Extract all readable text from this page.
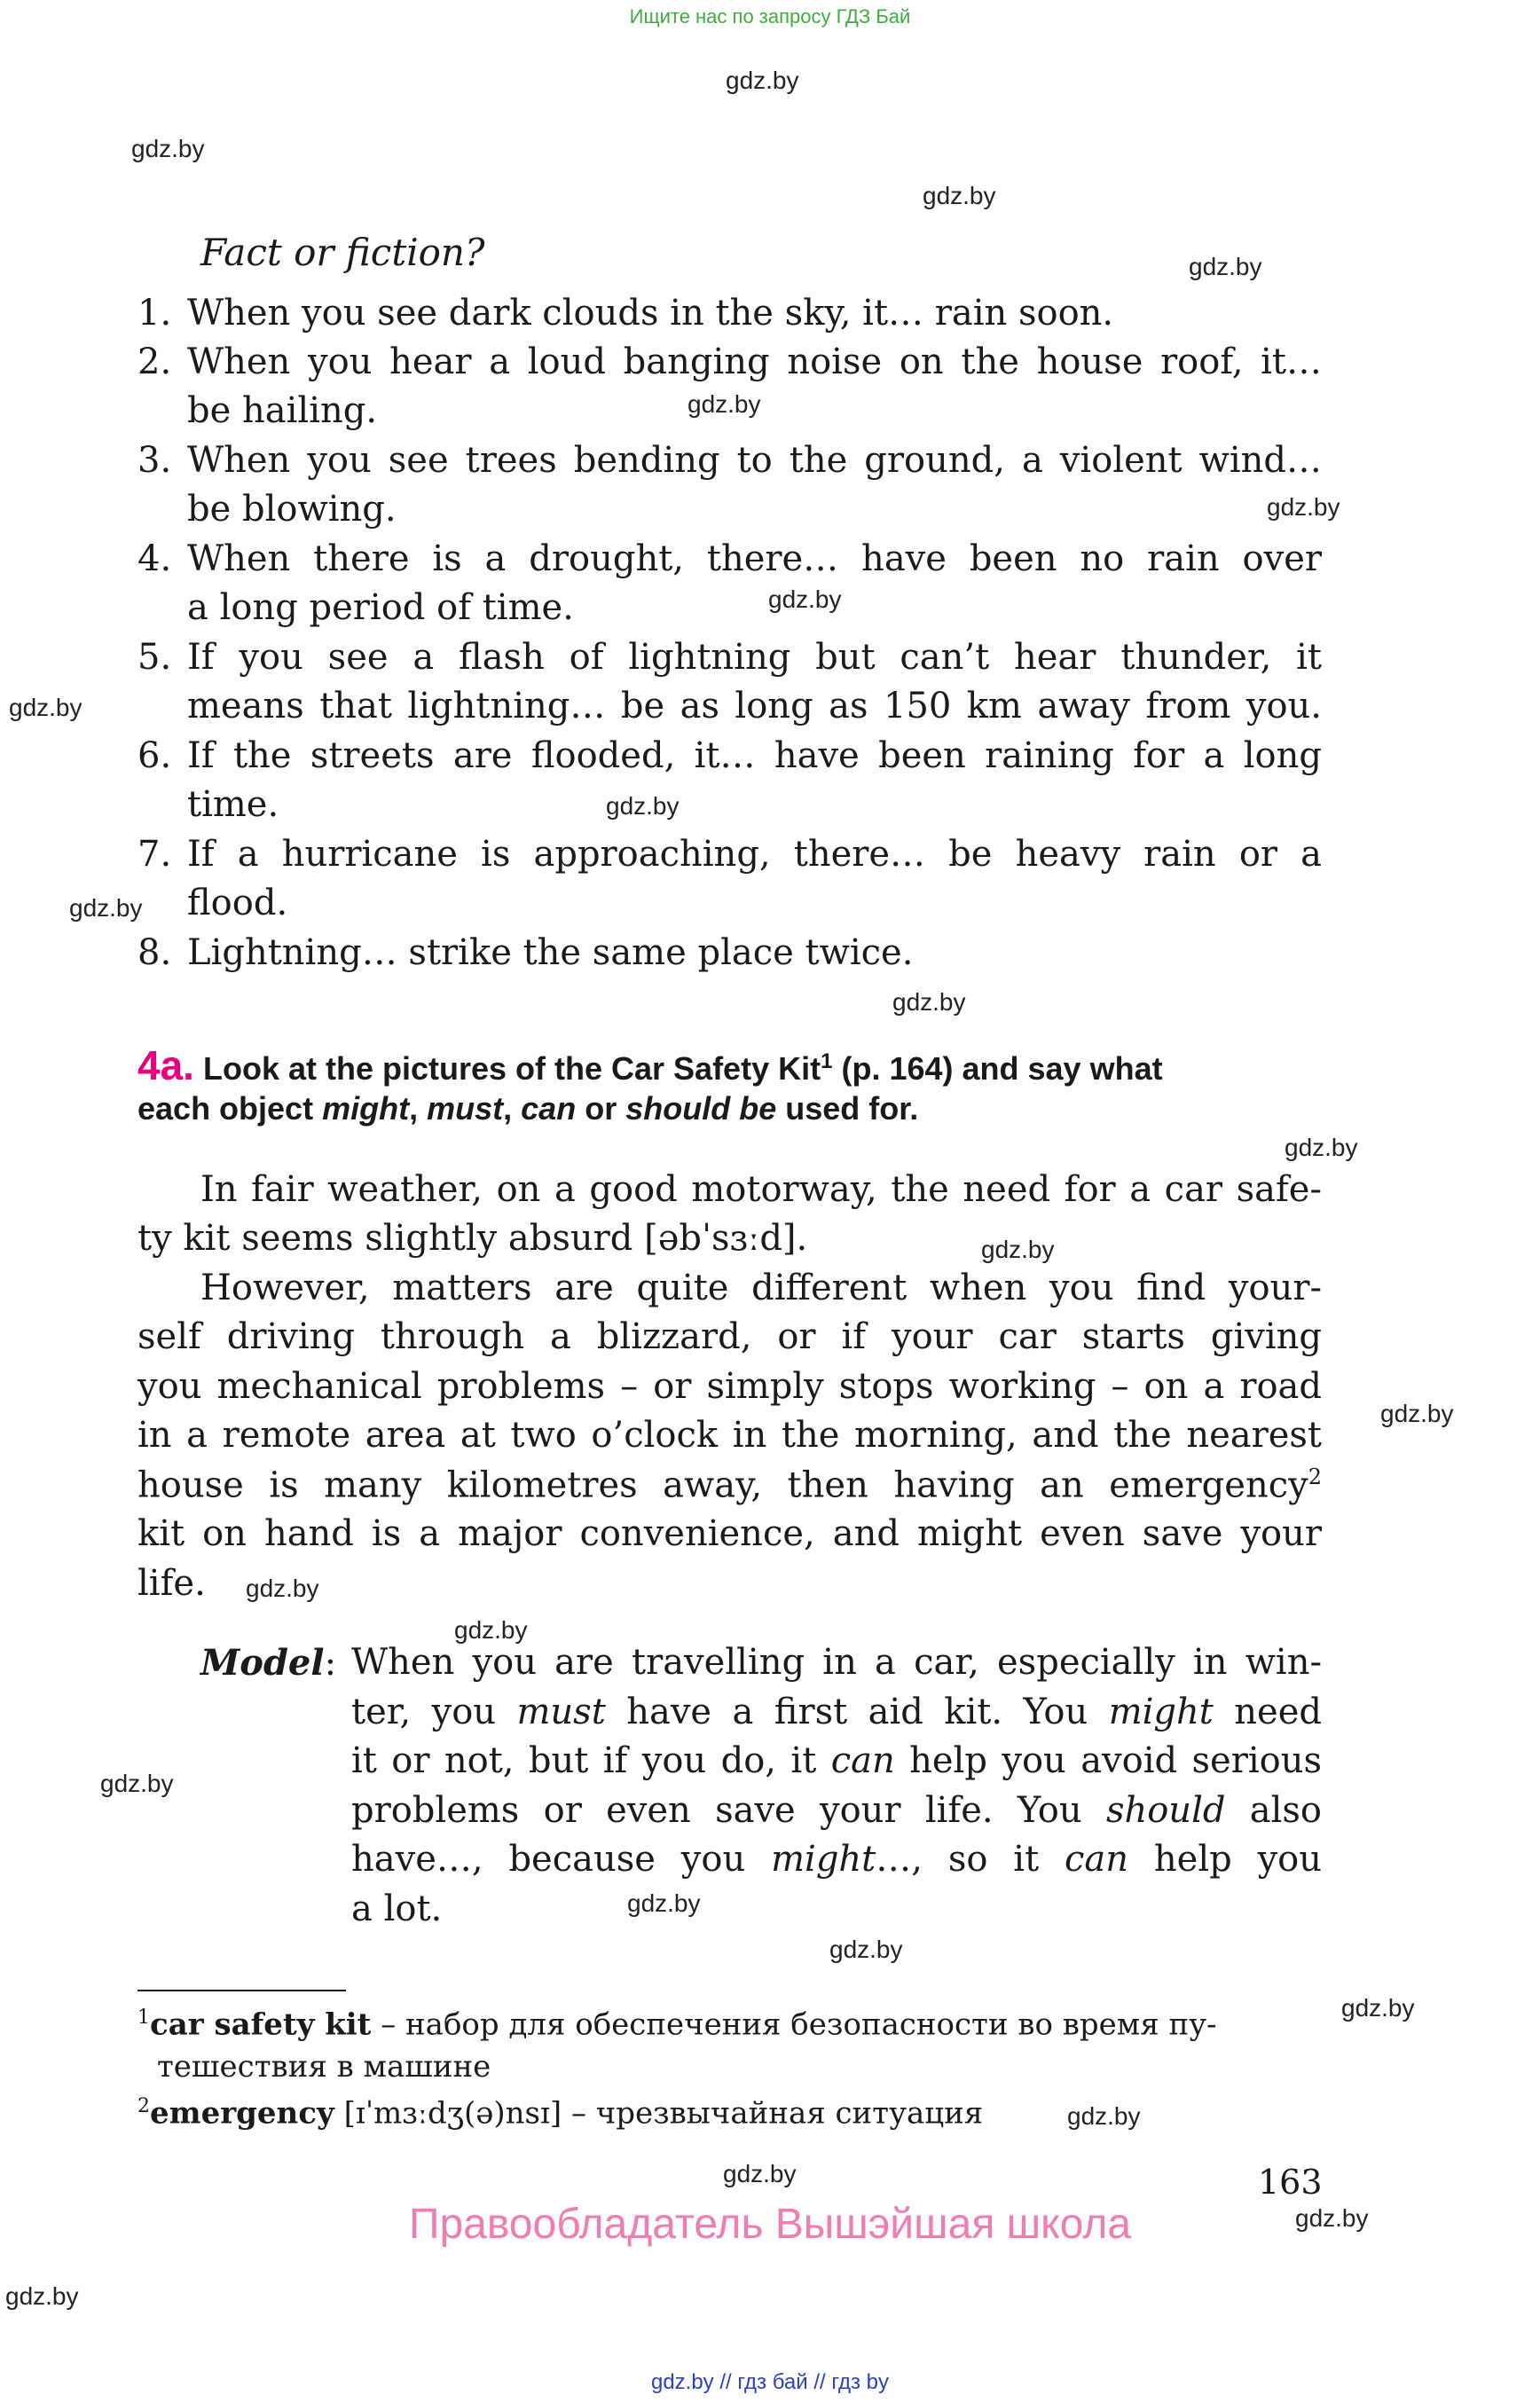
Ищите нас по запросу ГДЗ Бай
gdz.by
gdz.by
gdz.by
gdz.by
gdz.by
gdz.by
gdz.by
gdz.by
gdz.by
gdz.by
gdz.by
gdz.by
gdz.by
gdz.by
gdz.by
gdz.by
gdz.by
gdz.by
gdz.by
gdz.by
gdz.by
gdz.by
gdz.by
gdz.by
Fact or fiction?
1. When you see dark clouds in the sky, it… rain soon.
2. When you hear a loud banging noise on the house roof, it…
be hailing.
3. When you see trees bending to the ground, a violent wind…
be blowing.
4. When there is a drought, there… have been no rain over
a long period of time.
5. If you see a flash of lightning but can’t hear thunder, it
means that lightning… be as long as 150 km away from you.
6. If the streets are flooded, it… have been raining for a long
time.
7. If a hurricane is approaching, there… be heavy rain or a
flood.
8. Lightning… strike the same place twice.
4a. Look at the pictures of the Car Safety Kit$^1$ (p. 164) and say what
each object might, must, can or should be used for.
In fair weather, on a good motorway, the need for a car safe-
ty kit seems slightly absurd [əbˈsɜːd].
However, matters are quite different when you find your-
self driving through a blizzard, or if your car starts giving
you mechanical problems – or simply stops working – on a road
in a remote area at two o’clock in the morning, and the nearest
house is many kilometres away, then having an emergency$^2$
kit on hand is a major convenience, and might even save your
life.
Model: When you are travelling in a car, especially in win-
ter, you must have a first aid kit. You might need
it or not, but if you do, it can help you avoid serious
problems or even save your life. You should also
have…, because you might…, so it can help you
a lot.
$^1$car safety kit – набор для обеспечения безопасности во время пу-
тешествия в машине
$^2$emergency [ɪˈmɜːdʒ(ə)nsɪ] – чрезвычайная ситуация
163
Правообладатель Вышэйшая школа
gdz.by // гдз бай // гдз by
